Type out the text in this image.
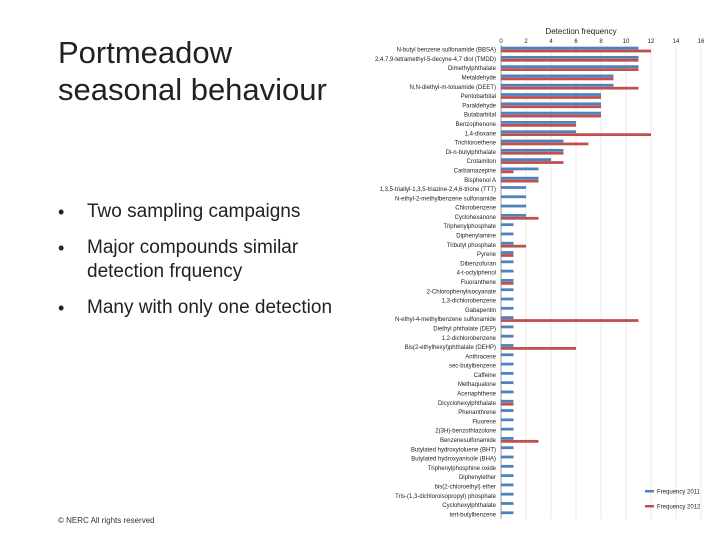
Portmeadow seasonal behaviour
• Two sampling campaigns
• Major compounds similar detection frquency
• Many with only one detection
© NERC All rights reserved
Detection frequency
0	2	4	6	8	10	12	14	16
N-butyl benzene sulfonamide (BBSA)
2,4,7,9-tetramethyl-5-decyne-4,7 diol (TMDD)
Dimethylphthalate
Metaldehyde
N,N-diethyl-m-toluamide (DEET)
Pentobarbital
Paraldehyde
Butabarbital
Benzophenone
1,4-dioxane
Trichloroethene
Di-n-butylphthalate
Crotamiton
Carbamazepine
Bisphenol A
1,3,5-triallyl-1,3,5-triazine-2,4,6-trione (TTT)
N-ethyl-2-methylbenzene sulfonamide
Chlorobenzene
Cyclohexanone
Triphenylphosphate
Diphenylamine
Tributyl phosphate
Pyrene
Dibenzofuran
4-t-octylphenol
Fluoranthene
2-Chlorophenylisocyanate
1,3-dichlorobenzene
Gabapentin
N-ethyl-4-methylbenzene sulfonamide
Diethyl phthalate (DEP)
1,2-dichlorobenzene
Bis(2-ethylhexyl)phthalate (DEHP)
Anthracene
sec-butylbenzene
Caffeine
Methaqualone
Acenaphthene
Dicyclohexylphthalate
Phenanthrene
Fluorene
2(3H)-benzothiazolone
Benzenesulfonamide
Butylated hydroxytoluene (BHT)
Butylated hydroxyanisole (BHA)
Triphenylphosphine oxide
Diphenylether
bis(2-chloroethyl) ether
Tris-(1,3-dichloroisopropyl) phosphate
Cyclohexylphthalate
tert-butylbenzene
Frequency 2011
Frequency 2012
